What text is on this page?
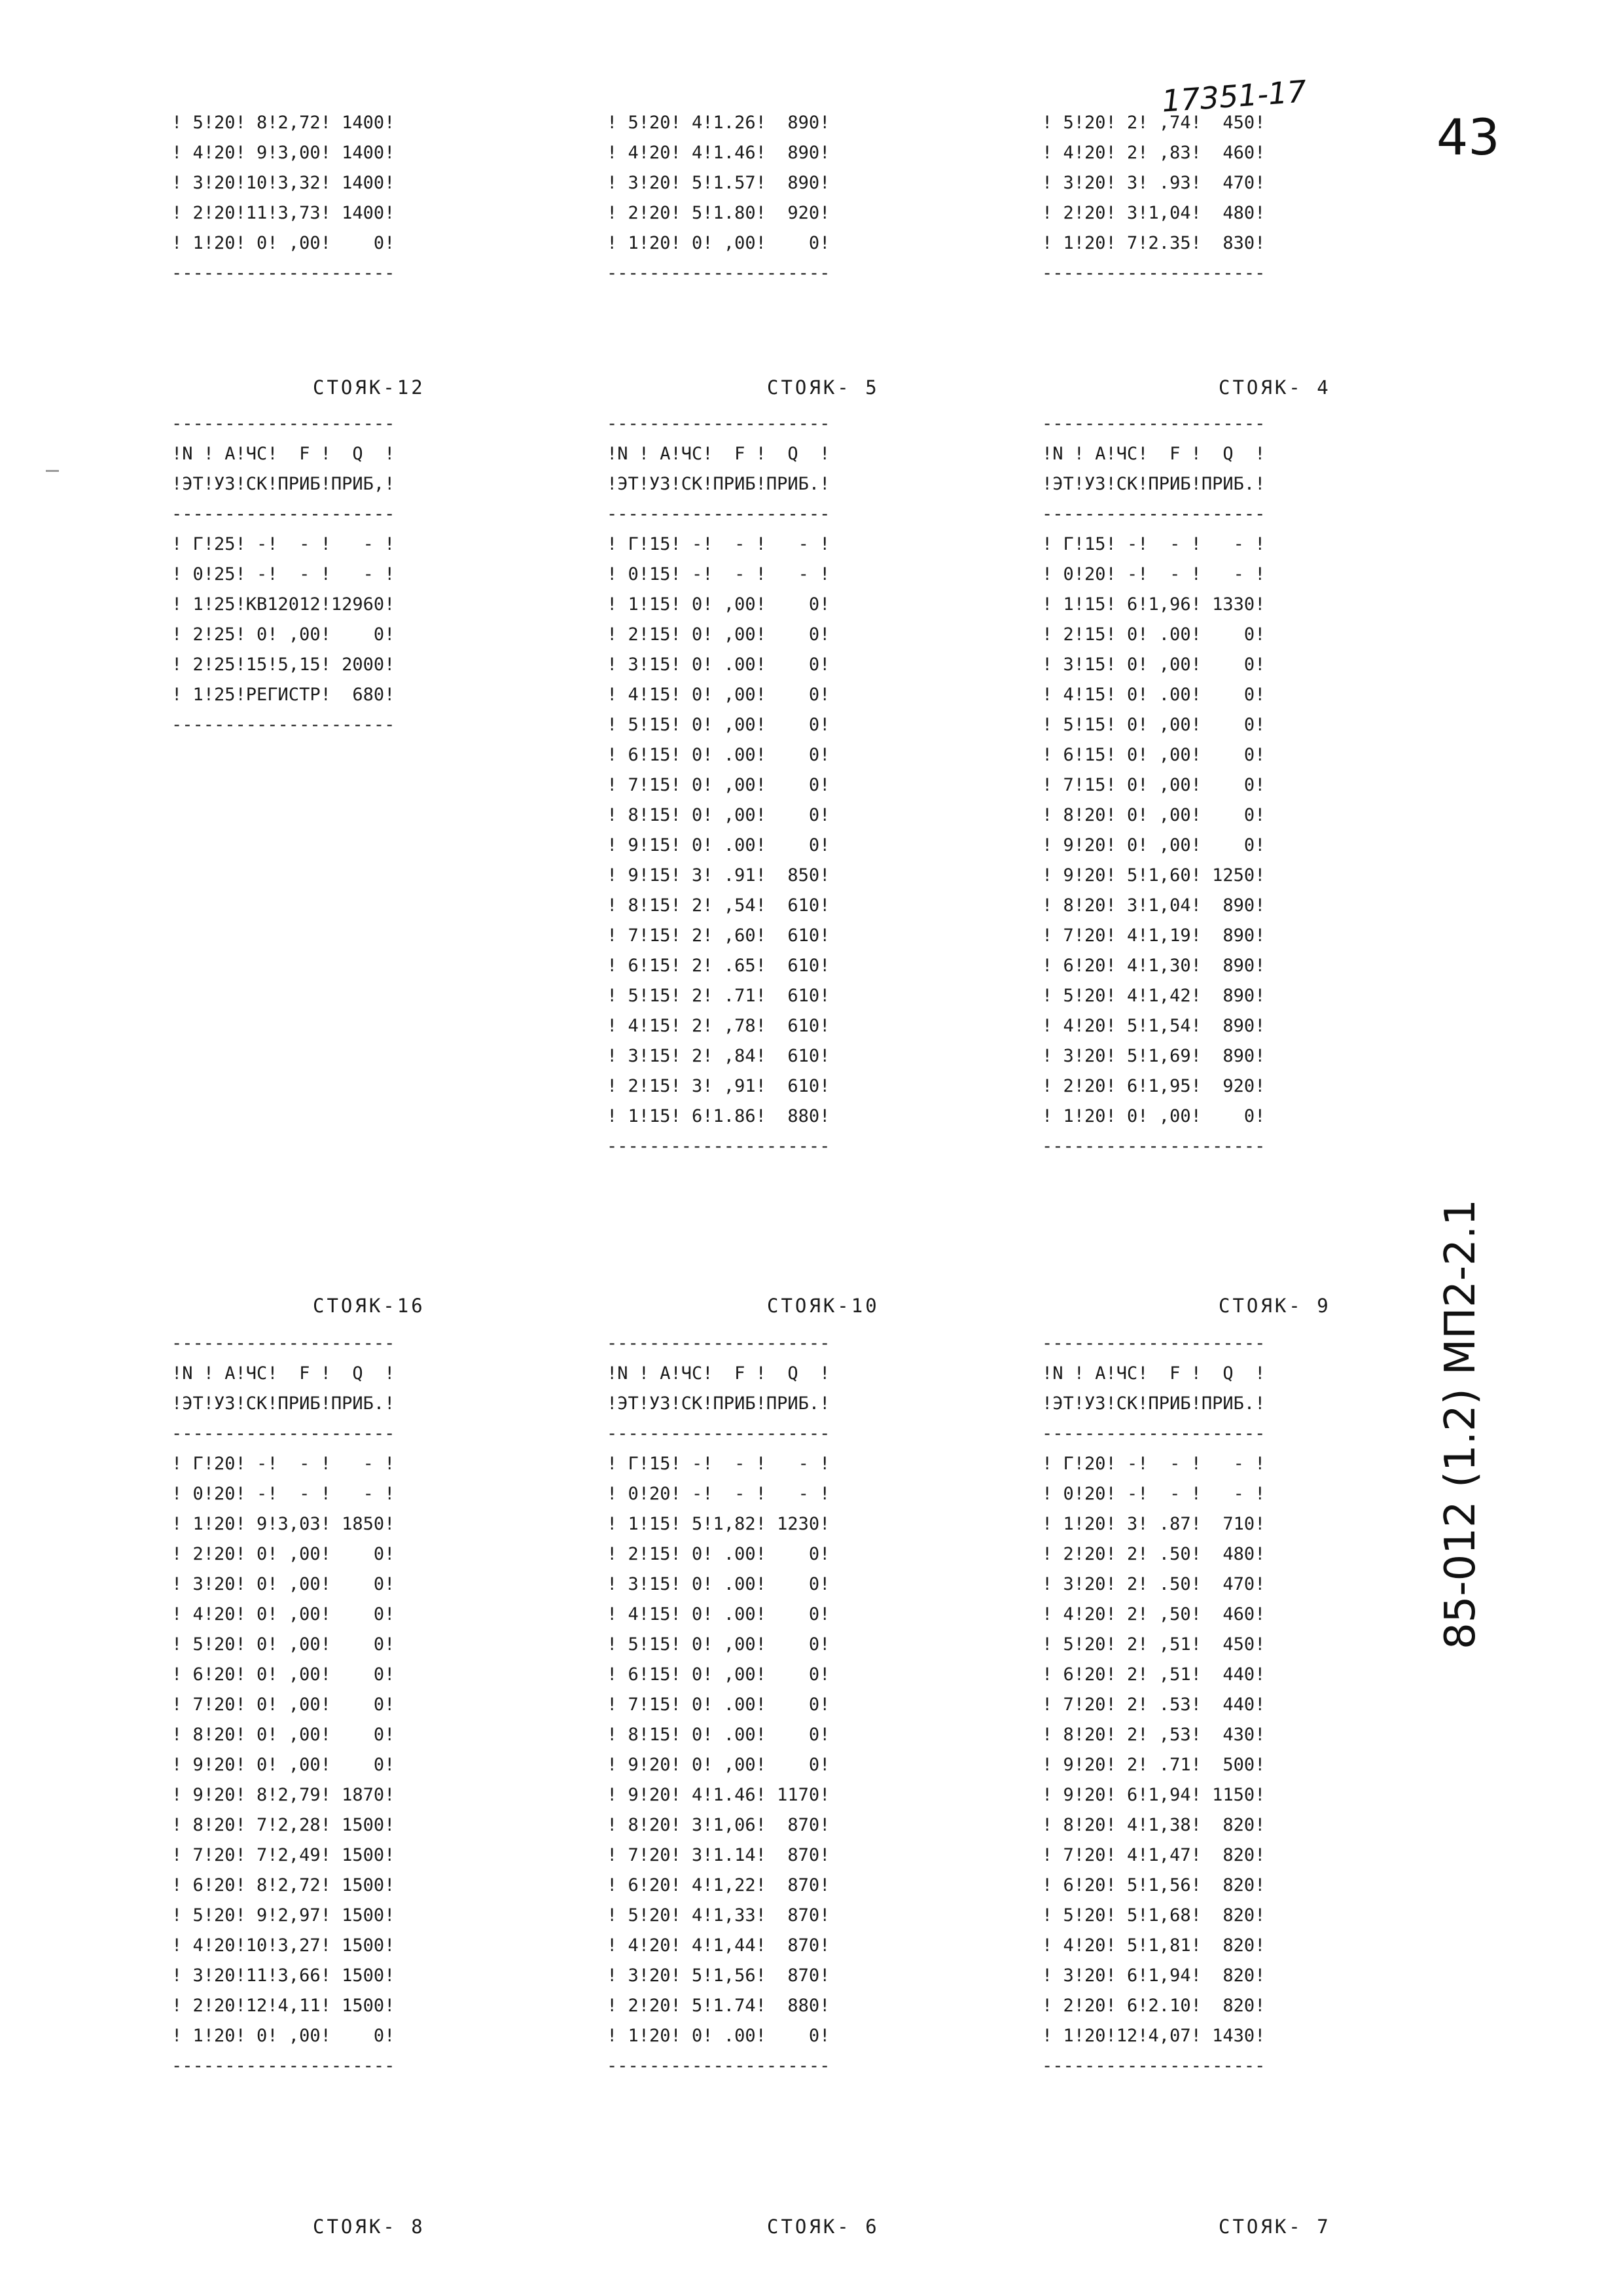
17351-17
43
85-012 (1.2) МП2-2.1
! 5!20! 8!2,72! 1400!
! 4!20! 9!3,00! 1400!
! 3!20!10!3,32! 1400!
! 2!20!11!3,73! 1400!
! 1!20! 0! ,00!    0!
---------------------
! 5!20! 4!1.26!  890!
! 4!20! 4!1.46!  890!
! 3!20! 5!1.57!  890!
! 2!20! 5!1.80!  920!
! 1!20! 0! ,00!    0!
---------------------
! 5!20! 2! ,74!  450!
! 4!20! 2! ,83!  460!
! 3!20! 3! .93!  470!
! 2!20! 3!1,04!  480!
! 1!20! 7!2.35!  830!
---------------------
СТОЯК-12
---------------------
!N ! А!ЧС!  F !  Q  !
!ЭТ!УЗ!СК!ПРИБ!ПРИБ,!
---------------------
! Г!25! -!  - !   - !
! 0!25! -!  - !   - !
! 1!25!КВ12012!12960!
! 2!25! 0! ,00!    0!
! 2!25!15!5,15! 2000!
! 1!25!РЕГИСТР!  680!
---------------------
СТОЯК- 5
---------------------
!N ! А!ЧС!  F !  Q  !
!ЭТ!УЗ!СК!ПРИБ!ПРИБ.!
---------------------
! Г!15! -!  - !   - !
! 0!15! -!  - !   - !
! 1!15! 0! ,00!    0!
! 2!15! 0! ,00!    0!
! 3!15! 0! .00!    0!
! 4!15! 0! ,00!    0!
! 5!15! 0! ,00!    0!
! 6!15! 0! .00!    0!
! 7!15! 0! ,00!    0!
! 8!15! 0! ,00!    0!
! 9!15! 0! .00!    0!
! 9!15! 3! .91!  850!
! 8!15! 2! ,54!  610!
! 7!15! 2! ,60!  610!
! 6!15! 2! .65!  610!
! 5!15! 2! .71!  610!
! 4!15! 2! ,78!  610!
! 3!15! 2! ,84!  610!
! 2!15! 3! ,91!  610!
! 1!15! 6!1.86!  880!
---------------------
СТОЯК- 4
---------------------
!N ! А!ЧС!  F !  Q  !
!ЭТ!УЗ!СК!ПРИБ!ПРИБ.!
---------------------
! Г!15! -!  - !   - !
! 0!20! -!  - !   - !
! 1!15! 6!1,96! 1330!
! 2!15! 0! .00!    0!
! 3!15! 0! ,00!    0!
! 4!15! 0! .00!    0!
! 5!15! 0! ,00!    0!
! 6!15! 0! ,00!    0!
! 7!15! 0! ,00!    0!
! 8!20! 0! ,00!    0!
! 9!20! 0! ,00!    0!
! 9!20! 5!1,60! 1250!
! 8!20! 3!1,04!  890!
! 7!20! 4!1,19!  890!
! 6!20! 4!1,30!  890!
! 5!20! 4!1,42!  890!
! 4!20! 5!1,54!  890!
! 3!20! 5!1,69!  890!
! 2!20! 6!1,95!  920!
! 1!20! 0! ,00!    0!
---------------------
СТОЯК-16
---------------------
!N ! А!ЧС!  F !  Q  !
!ЭТ!УЗ!СК!ПРИБ!ПРИБ.!
---------------------
! Г!20! -!  - !   - !
! 0!20! -!  - !   - !
! 1!20! 9!3,03! 1850!
! 2!20! 0! ,00!    0!
! 3!20! 0! ,00!    0!
! 4!20! 0! ,00!    0!
! 5!20! 0! ,00!    0!
! 6!20! 0! ,00!    0!
! 7!20! 0! ,00!    0!
! 8!20! 0! ,00!    0!
! 9!20! 0! ,00!    0!
! 9!20! 8!2,79! 1870!
! 8!20! 7!2,28! 1500!
! 7!20! 7!2,49! 1500!
! 6!20! 8!2,72! 1500!
! 5!20! 9!2,97! 1500!
! 4!20!10!3,27! 1500!
! 3!20!11!3,66! 1500!
! 2!20!12!4,11! 1500!
! 1!20! 0! ,00!    0!
---------------------
СТОЯК-10
---------------------
!N ! А!ЧС!  F !  Q  !
!ЭТ!УЗ!СК!ПРИБ!ПРИБ.!
---------------------
! Г!15! -!  - !   - !
! 0!20! -!  - !   - !
! 1!15! 5!1,82! 1230!
! 2!15! 0! .00!    0!
! 3!15! 0! .00!    0!
! 4!15! 0! .00!    0!
! 5!15! 0! ,00!    0!
! 6!15! 0! ,00!    0!
! 7!15! 0! .00!    0!
! 8!15! 0! .00!    0!
! 9!20! 0! ,00!    0!
! 9!20! 4!1.46! 1170!
! 8!20! 3!1,06!  870!
! 7!20! 3!1.14!  870!
! 6!20! 4!1,22!  870!
! 5!20! 4!1,33!  870!
! 4!20! 4!1,44!  870!
! 3!20! 5!1,56!  870!
! 2!20! 5!1.74!  880!
! 1!20! 0! .00!    0!
---------------------
СТОЯК- 9
---------------------
!N ! А!ЧС!  F !  Q  !
!ЭТ!УЗ!СК!ПРИБ!ПРИБ.!
---------------------
! Г!20! -!  - !   - !
! 0!20! -!  - !   - !
! 1!20! 3! .87!  710!
! 2!20! 2! .50!  480!
! 3!20! 2! .50!  470!
! 4!20! 2! ,50!  460!
! 5!20! 2! ,51!  450!
! 6!20! 2! ,51!  440!
! 7!20! 2! .53!  440!
! 8!20! 2! ,53!  430!
! 9!20! 2! .71!  500!
! 9!20! 6!1,94! 1150!
! 8!20! 4!1,38!  820!
! 7!20! 4!1,47!  820!
! 6!20! 5!1,56!  820!
! 5!20! 5!1,68!  820!
! 4!20! 5!1,81!  820!
! 3!20! 6!1,94!  820!
! 2!20! 6!2.10!  820!
! 1!20!12!4,07! 1430!
---------------------
СТОЯК- 8	СТОЯК- 6	СТОЯК- 7
